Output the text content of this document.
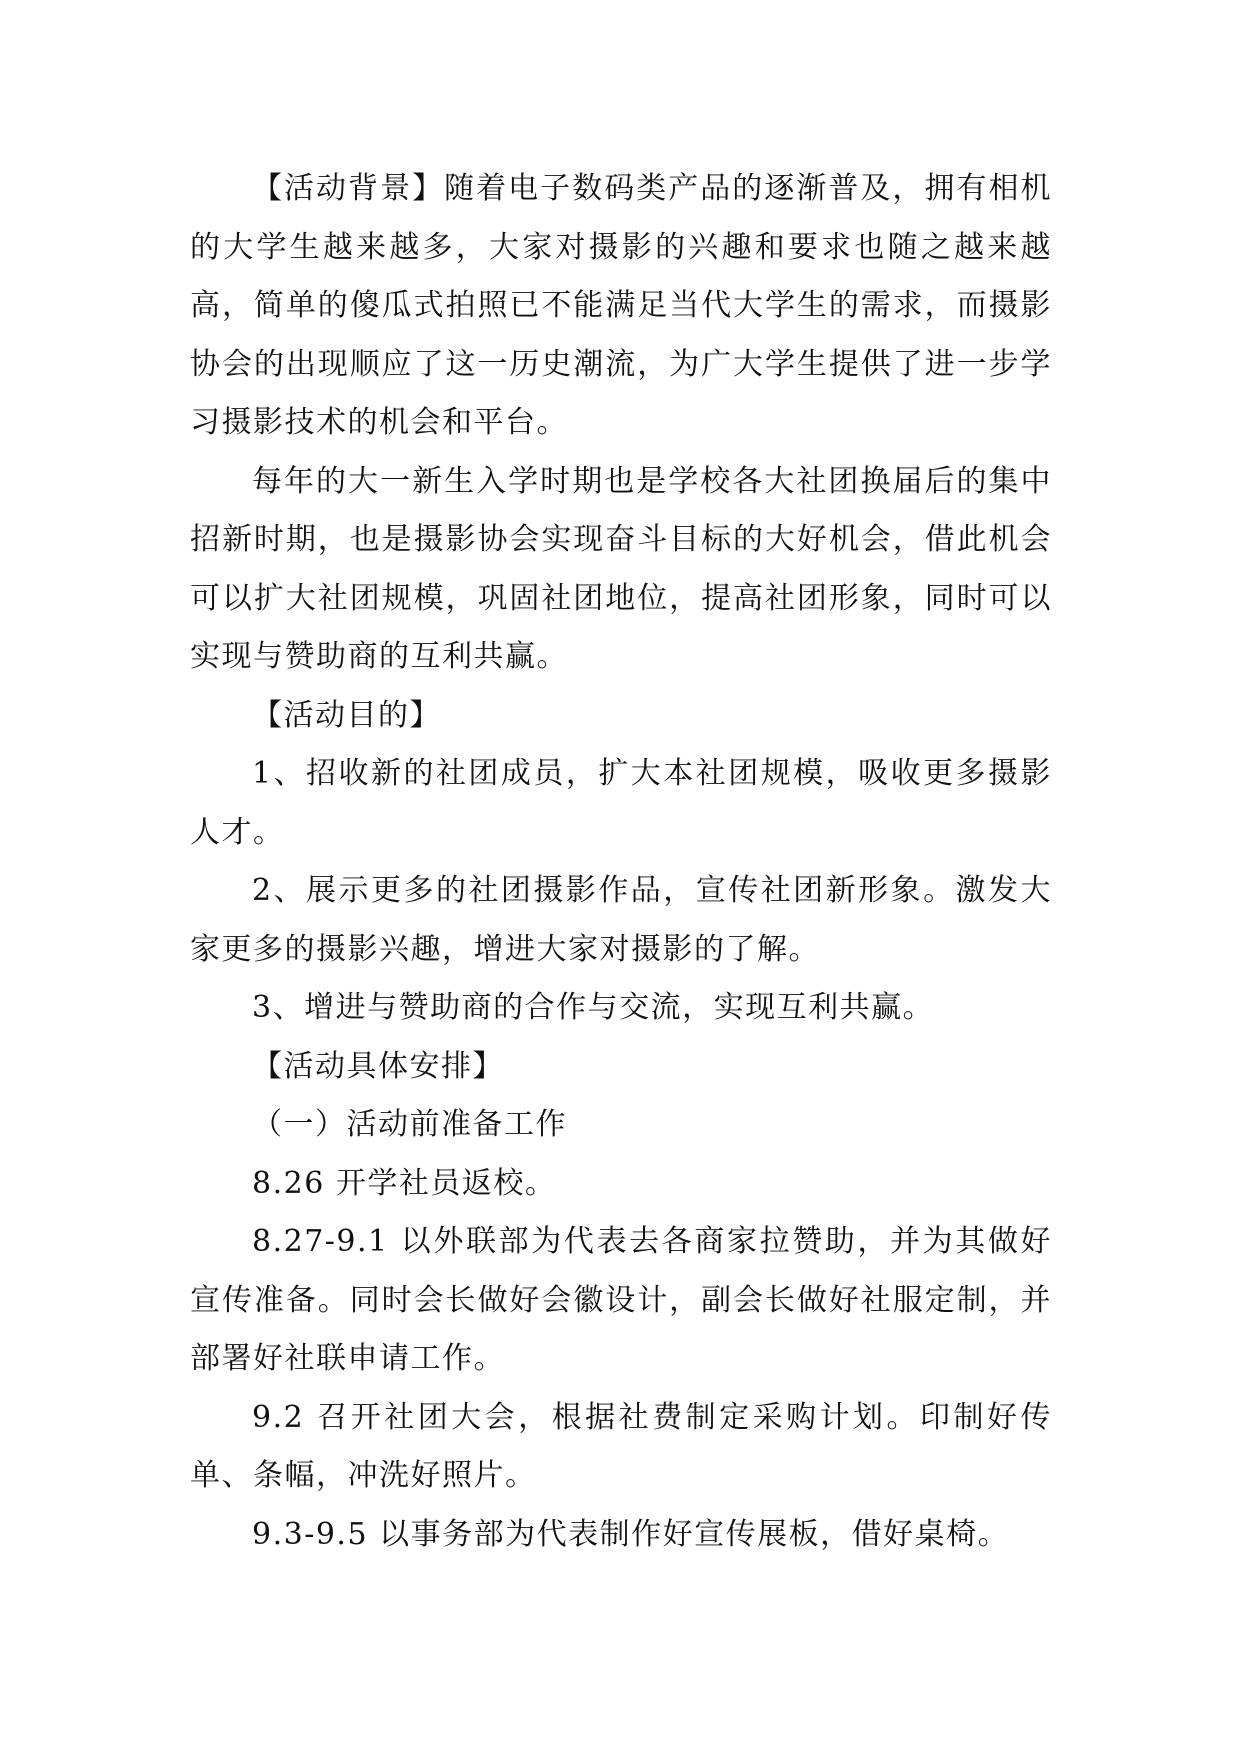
【活动背景】随着电子数码类产品的逐渐普及，拥有相机的大学生越来越多，大家对摄影的兴趣和要求也随之越来越高，简单的傻瓜式拍照已不能满足当代大学生的需求，而摄影协会的出现顺应了这一历史潮流，为广大学生提供了进一步学习摄影技术的机会和平台。

每年的大一新生入学时期也是学校各大社团换届后的集中招新时期，也是摄影协会实现奋斗目标的大好机会，借此机会可以扩大社团规模，巩固社团地位，提高社团形象，同时可以实现与赞助商的互利共赢。

【活动目的】

1、招收新的社团成员，扩大本社团规模，吸收更多摄影人才。

2、展示更多的社团摄影作品，宣传社团新形象。激发大家更多的摄影兴趣，增进大家对摄影的了解。

3、增进与赞助商的合作与交流，实现互利共赢。

【活动具体安排】

（一）活动前准备工作

8.26 开学社员返校。

8.27-9.1 以外联部为代表去各商家拉赞助，并为其做好宣传准备。同时会长做好会徽设计，副会长做好社服定制，并部署好社联申请工作。

9.2 召开社团大会，根据社费制定采购计划。印制好传单、条幅，冲洗好照片。

9.3-9.5 以事务部为代表制作好宣传展板，借好桌椅。
